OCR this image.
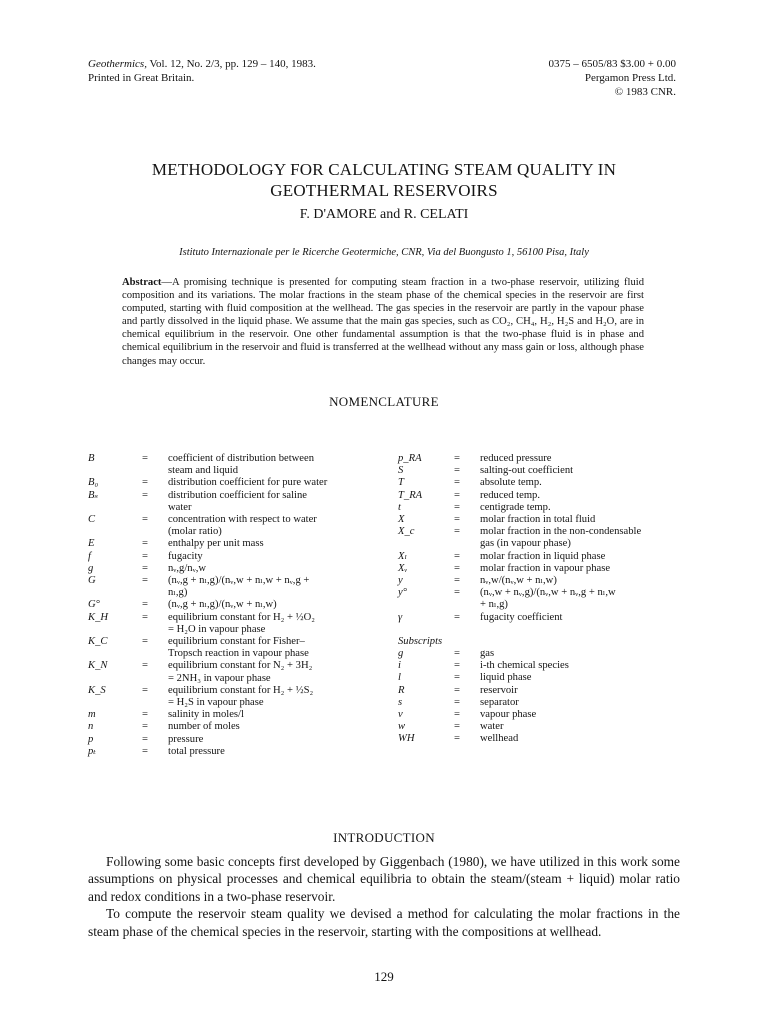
Geothermics, Vol. 12, No. 2/3, pp. 129 – 140, 1983.
Printed in Great Britain.
0375 – 6505/83 $3.00 + 0.00
Pergamon Press Ltd.
© 1983 CNR.
METHODOLOGY FOR CALCULATING STEAM QUALITY IN
GEOTHERMAL RESERVOIRS
F. D'AMORE and R. CELATI
Istituto Internazionale per le Ricerche Geotermiche, CNR, Via del Buongusto 1, 56100 Pisa, Italy
Abstract—A promising technique is presented for computing steam fraction in a two-phase reservoir, utilizing fluid composition and its variations. The molar fractions in the steam phase of the chemical species in the reservoir are first computed, starting with fluid composition at the wellhead. The gas species in the reservoir are partly in the vapour phase and partly dissolved in the liquid phase. We assume that the main gas species, such as CO₂, CH₄, H₂, H₂S and H₂O, are in chemical equilibrium in the reservoir. One other fundamental assumption is that the two-phase fluid is in phase and chemical equilibrium in the reservoir and fluid is transferred at the wellhead without any mass gain or loss, although phase changes may occur.
NOMENCLATURE
B	=	coefficient of distribution between
steam and liquid
B₀	=	distribution coefficient for pure water
Bₛ	=	distribution coefficient for saline
water
C	=	concentration with respect to water
(molar ratio)
E	=	enthalpy per unit mass
f	=	fugacity
g	=	nᵥ,g/nᵥ,w
G	=	(nᵥ,g + nₗ,g)/(nᵥ,w + nₗ,w + nᵥ,g +
nₗ,g)
G°	=	(nᵥ,g + nₗ,g)/(nᵥ,w + nₗ,w)
K_H	=	equilibrium constant for H₂ + ½O₂
= H₂O in vapour phase
K_C	=	equilibrium constant for Fisher–
Tropsch reaction in vapour phase
K_N	=	equilibrium constant for N₂ + 3H₂
= 2NH₃ in vapour phase
K_S	=	equilibrium constant for H₂ + ½S₂
= H₂S in vapour phase
m	=	salinity in moles/l
n	=	number of moles
p	=	pressure
pₜ	=	total pressure
p_RA	=	reduced pressure
S	=	salting-out coefficient
T	=	absolute temp.
T_RA	=	reduced temp.
t	=	centigrade temp.
X	=	molar fraction in total fluid
X_c	=	molar fraction in the non-condensable
gas (in vapour phase)
Xₗ	=	molar fraction in liquid phase
Xᵥ	=	molar fraction in vapour phase
y	=	nᵥ,w/(nᵥ,w + nₗ,w)
y°	=	(nᵥ,w + nᵥ,g)/(nᵥ,w + nᵥ,g + nₗ,w
+ nₗ,g)
γ	=	fugacity coefficient
Subscripts
g	=	gas
i	=	i-th chemical species
l	=	liquid phase
R	=	reservoir
s	=	separator
v	=	vapour phase
w	=	water
WH	=	wellhead
INTRODUCTION

Following some basic concepts first developed by Giggenbach (1980), we have utilized in this work some assumptions on physical processes and chemical equilibria to obtain the steam/(steam + liquid) molar ratio and redox conditions in a two-phase reservoir.

To compute the reservoir steam quality we devised a method for calculating the molar fractions in the steam phase of the chemical species in the reservoir, starting with the compositions at wellhead.

129
